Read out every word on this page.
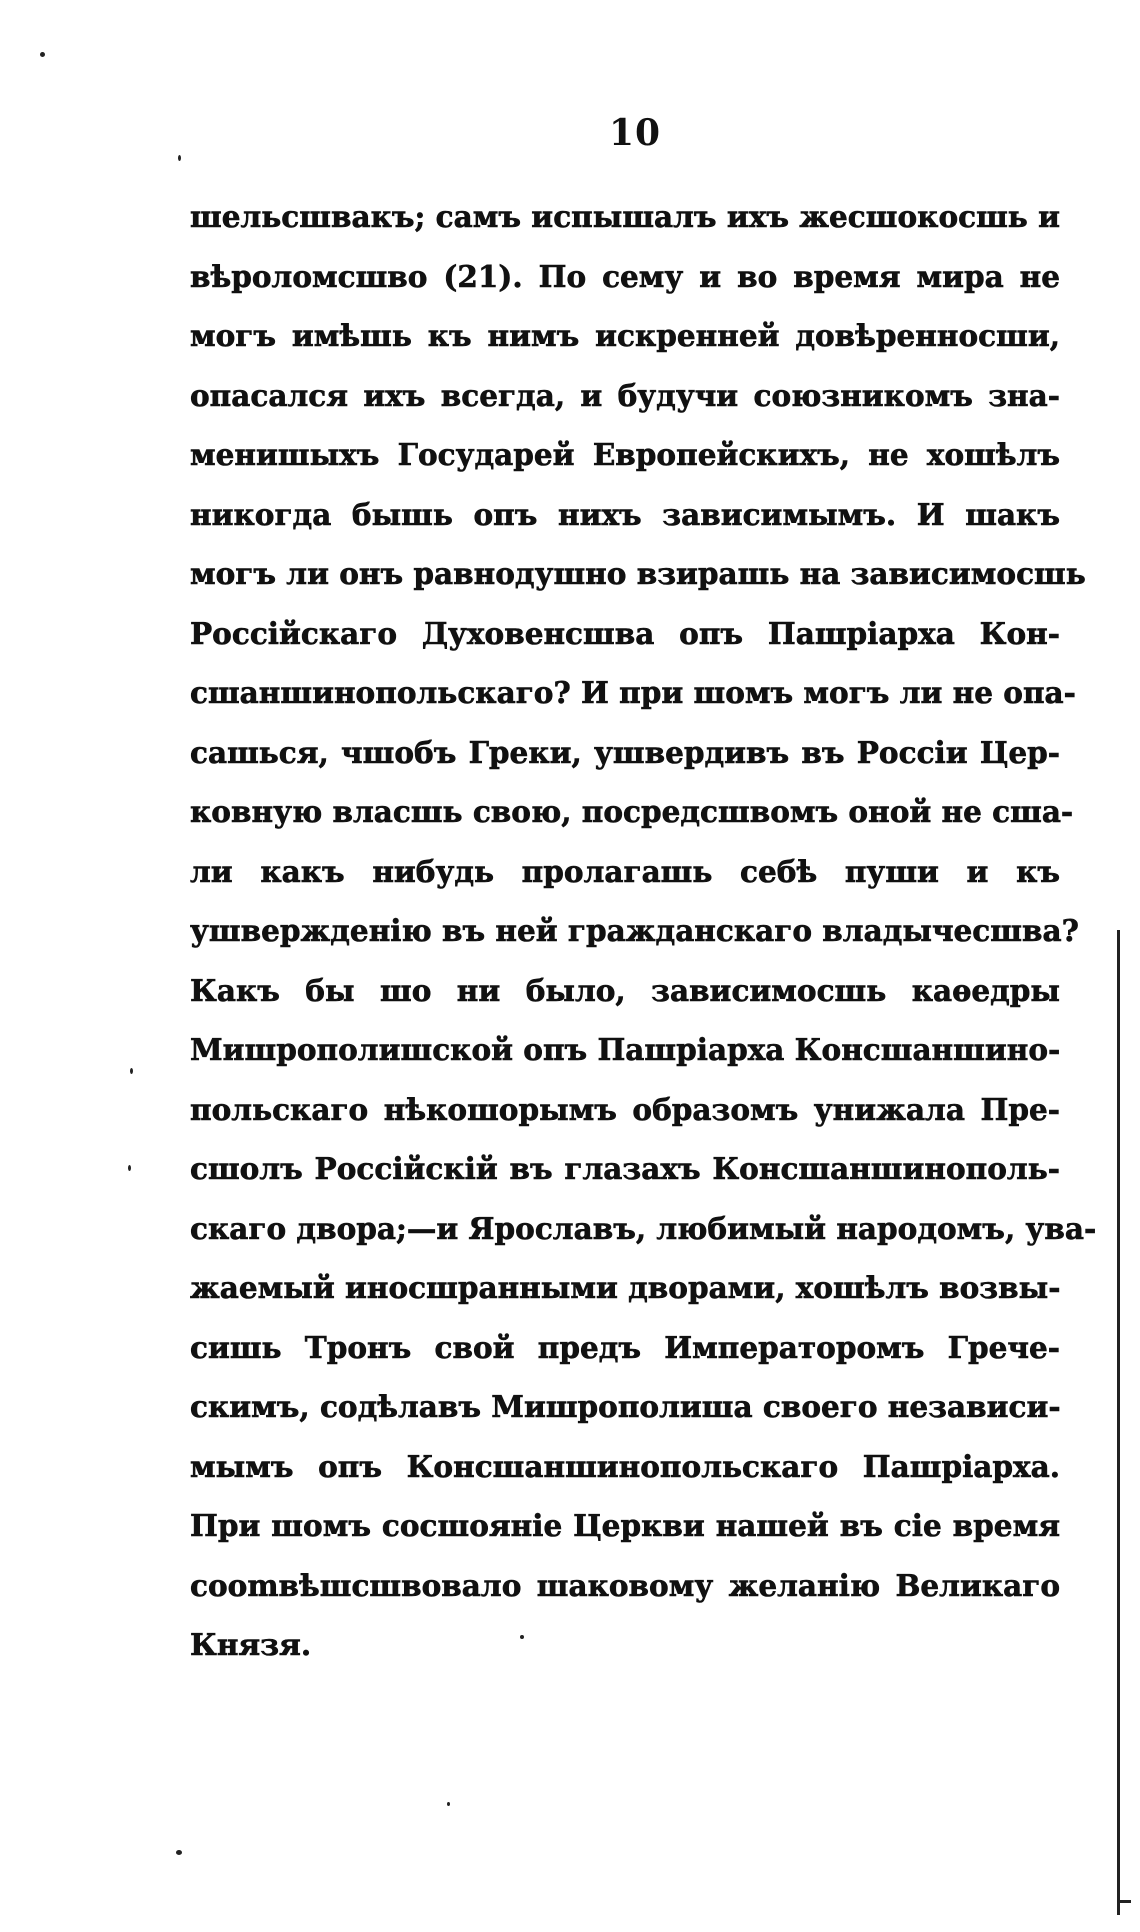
10
шельсшвакъ; самъ испышалъ ихъ жесшокосшь и
вѣроломсшво (21). По сему и во время мира не
могъ имѣшь къ нимъ искренней довѣренносши,
опасался ихъ всегда, и будучи союзникомъ зна-
менишыхъ Государей Европейскихъ, не хошѣлъ
никогда бышь опъ нихъ зависимымъ. И шакъ
могъ ли онъ равнодушно взирашь на зависимосшь
Россійскаго Духовенсшва опъ Пашріарха Кон-
сшаншинопольскаго? И при шомъ могъ ли не опа-
сашься, чшобъ Греки, ушвердивъ въ Россіи Цер-
ковную власшь свою, посредсшвомъ оной не сша-
ли какъ нибудь пролагашь себѣ пуши и къ
ушвержденію въ ней гражданскаго владычесшва?
Какъ бы шо ни было, зависимосшь каѳедры
Мишрополишской опъ Пашріарха Консшаншино-
польскаго нѣкошорымъ образомъ унижала Пре-
сшолъ Россійскій въ глазахъ Консшаншинополь-
скаго двора;—и Ярославъ, любимый народомъ, ува-
жаемый иносшранными дворами, хошѣлъ возвы-
сишь Тронъ свой предъ Императоромъ Грече-
скимъ, содѣлавъ Мишрополиша своего независи-
мымъ опъ Консшаншинопольскаго Пашріарха.
При шомъ сосшояніе Церкви нашей въ сіе время
сооmвѣшсшвовало шаковому желанію Великаго
Князя.
